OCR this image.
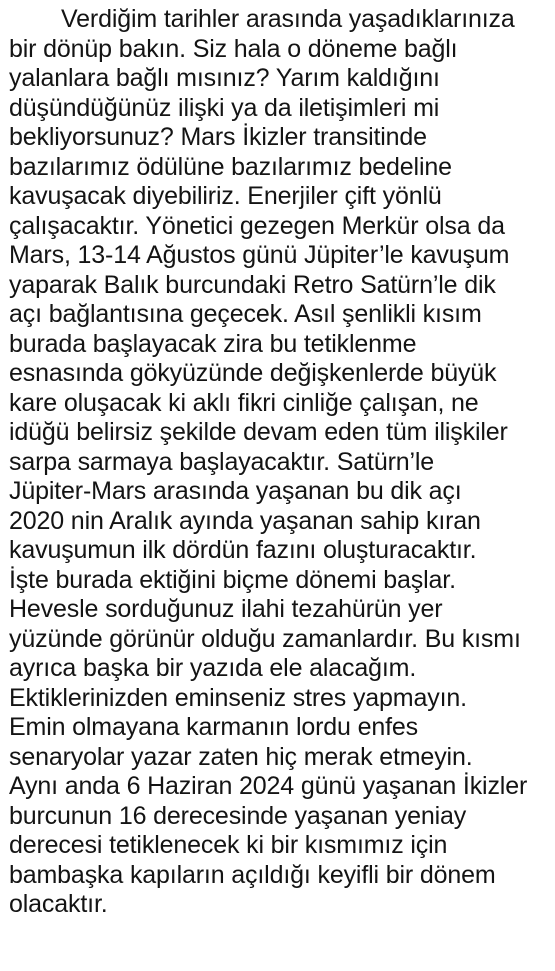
Verdiğim tarihler arasında yaşadıklarınıza
bir dönüp bakın. Siz hala o döneme bağlı
yalanlara bağlı mısınız? Yarım kaldığını
düşündüğünüz ilişki ya da iletişimleri mi
bekliyorsunuz? Mars İkizler transitinde
bazılarımız ödülüne bazılarımız bedeline
kavuşacak diyebiliriz. Enerjiler çift yönlü
çalışacaktır. Yönetici gezegen Merkür olsa da
Mars, 13-14 Ağustos günü Jüpiter’le kavuşum
yaparak Balık burcundaki Retro Satürn’le dik
açı bağlantısına geçecek. Asıl şenlikli kısım
burada başlayacak zira bu tetiklenme
esnasında gökyüzünde değişkenlerde büyük
kare oluşacak ki aklı fikri cinliğe çalışan, ne
idüğü belirsiz şekilde devam eden tüm ilişkiler
sarpa sarmaya başlayacaktır. Satürn’le
Jüpiter-Mars arasında yaşanan bu dik açı
2020 nin Aralık ayında yaşanan sahip kıran
kavuşumun ilk dördün fazını oluşturacaktır.
İşte burada ektiğini biçme dönemi başlar.
Hevesle sorduğunuz ilahi tezahürün yer
yüzünde görünür olduğu zamanlardır. Bu kısmı
ayrıca başka bir yazıda ele alacağım.
Ektiklerinizden eminseniz stres yapmayın.
Emin olmayana karmanın lordu enfes
senaryolar yazar zaten hiç merak etmeyin.
Aynı anda 6 Haziran 2024 günü yaşanan İkizler
burcunun 16 derecesinde yaşanan yeniay
derecesi tetiklenecek ki bir kısmımız için
bambaşka kapıların açıldığı keyifli bir dönem
olacaktır.
